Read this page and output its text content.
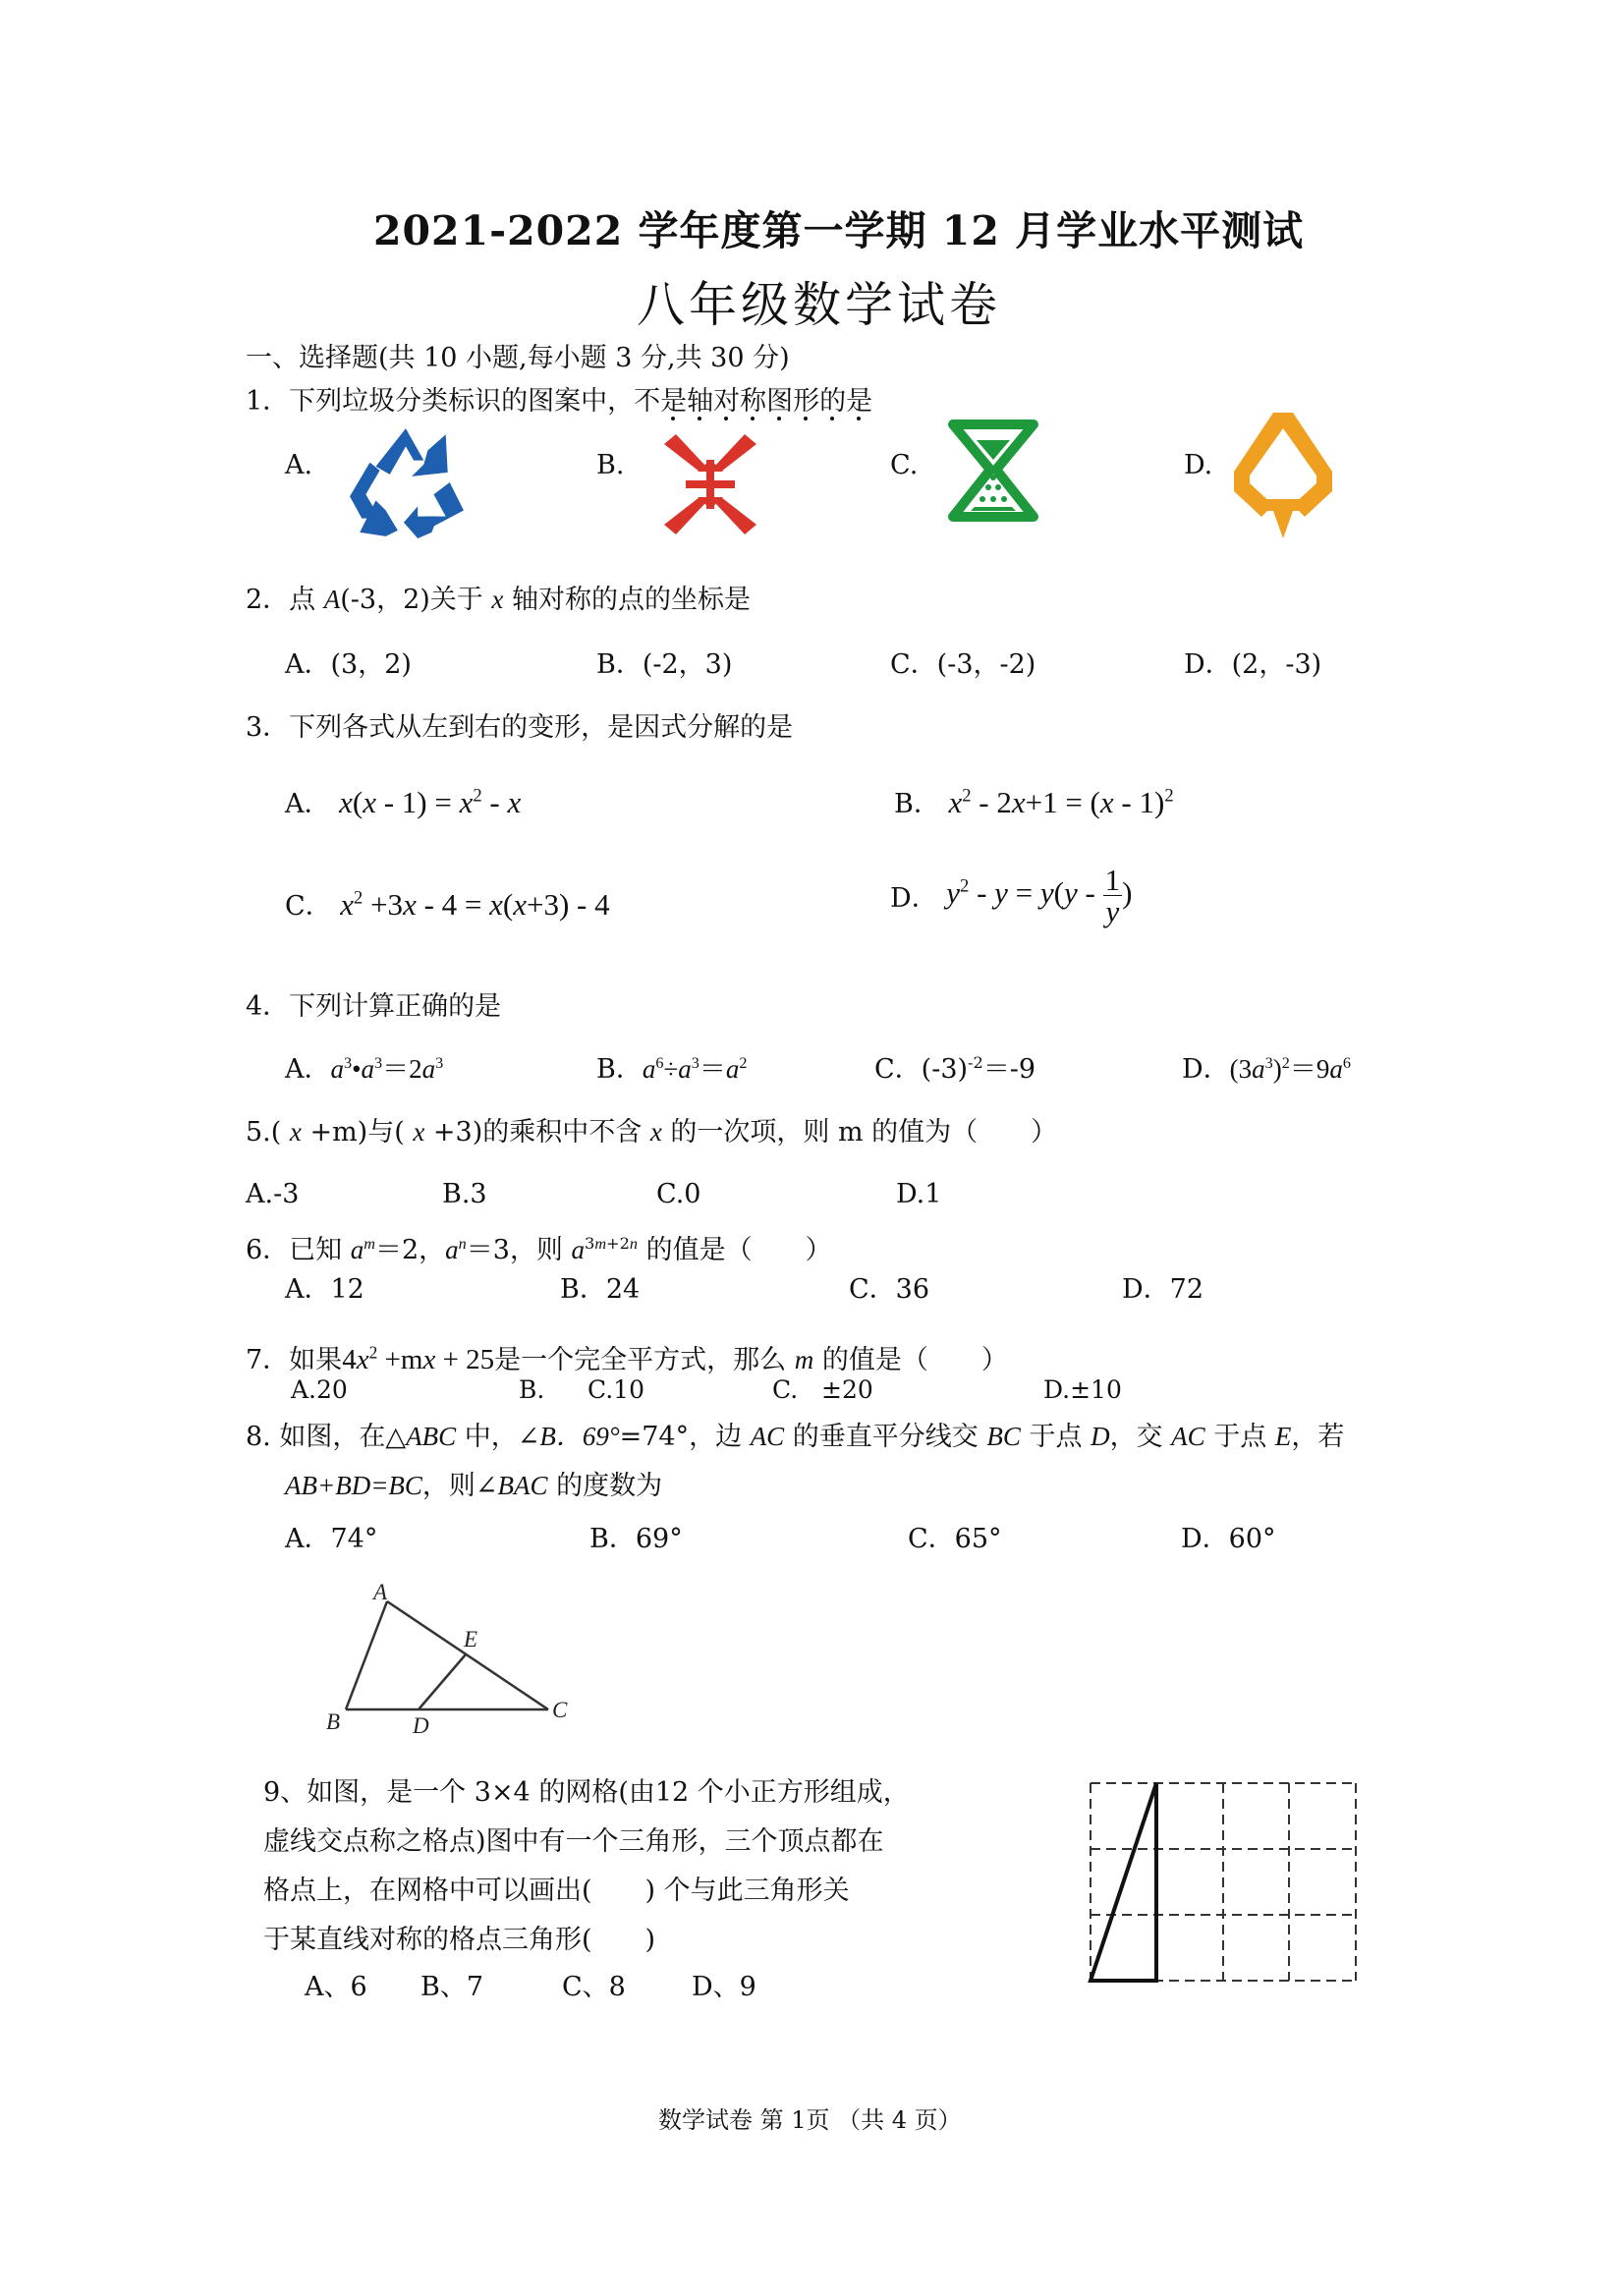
2021-2022 学年度第一学期 12 月学业水平测试
八年级数学试卷
一、选择题(共 10 小题,每小题 3 分,共 30 分)
1．下列垃圾分类标识的图案中，不是轴对称图形的是
A.	B.	C.	D.
2．点 A(-3，2)关于 x 轴对称的点的坐标是
A．(3，2)	B．(-2，3)	C．(-3，-2)	D．(2，-3)
3．下列各式从左到右的变形，是因式分解的是
A． $x(x - 1) = x^2 - x$	B． $x^2 - 2x+1 = (x - 1)^2$
C． $x^2 +3x - 4 = x(x+3) - 4$	D． $y^2 - y = y(y - \frac{1}{y}$ )
4．下列计算正确的是
A．$a^3•a^3=2a^3$	B．$a^6\div a^3=a^2$	C．$(-3)^{-2}=-9$	D．$(3a^3)^2=9a^6$
5.( x +m)与( x +3)的乘积中不含 x 的一次项，则 m 的值为（　　）
A.-3	B.3	C.0	D.1
6．已知 $a^m=2$，$a^n=3$，则 $a^{3m+2n}$ 的值是（　　）
A．12	B．24	C．36	D．72
7．如果$4x^2 +mx + 25$是一个完全平方式，那么 m 的值是（　　）
A.20	B. C.10	C. ±20	D.±10
8. 如图，在△ABC 中，∠B．69°=74°，边 AC 的垂直平分线交 BC 于点 D，交 AC 于点 E，若
AB+BD=BC，则∠BAC 的度数为
A．74°	B．69°	C．65°	D．60°
A
E
B	D
C
9、如图，是一个 3×4 的网格(由12 个小正方形组成，
虚线交点称之格点)图中有一个三角形，三个顶点都在
格点上，在网格中可以画出(　　) 个与此三角形关
于某直线对称的格点三角形(　　)
A、6 B、7	C、8 D、9
数学试卷 第 1页 （共 4 页）
